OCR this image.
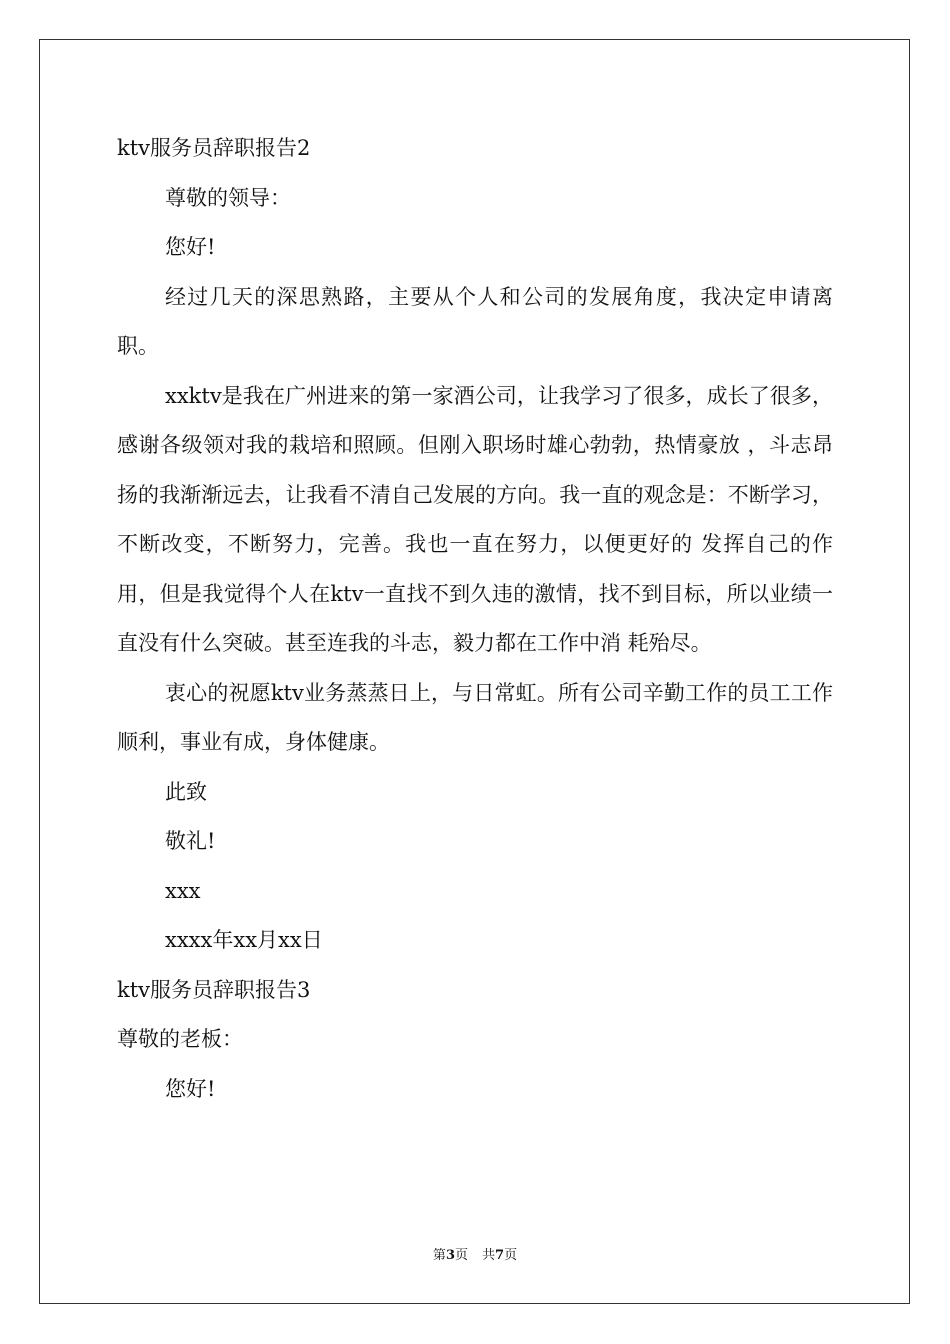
ktv服务员辞职报告2

尊敬的领导：

您好!

经过几天的深思熟路，主要从个人和公司的发展角度，我决定申请离职。

xxktv是我在广州进来的第一家酒公司，让我学习了很多，成长了很多，感谢各级领对我的栽培和照顾。但刚入职场时雄心勃勃，热情豪放 ，斗志昂扬的我渐渐远去，让我看不清自己发展的方向。我一直的观念是：不断学习，不断改变，不断努力，完善。我也一直在努力，以便更好的 发挥自己的作用，但是我觉得个人在ktv一直找不到久违的激情，找不到目标，所以业绩一直没有什么突破。甚至连我的斗志，毅力都在工作中消 耗殆尽。

衷心的祝愿ktv业务蒸蒸日上，与日常虹。所有公司辛勤工作的员工工作顺利，事业有成，身体健康。

此致

敬礼!

xxx

xxxx年xx月xx日

ktv服务员辞职报告3

尊敬的老板：

您好!

第3页 共7页
